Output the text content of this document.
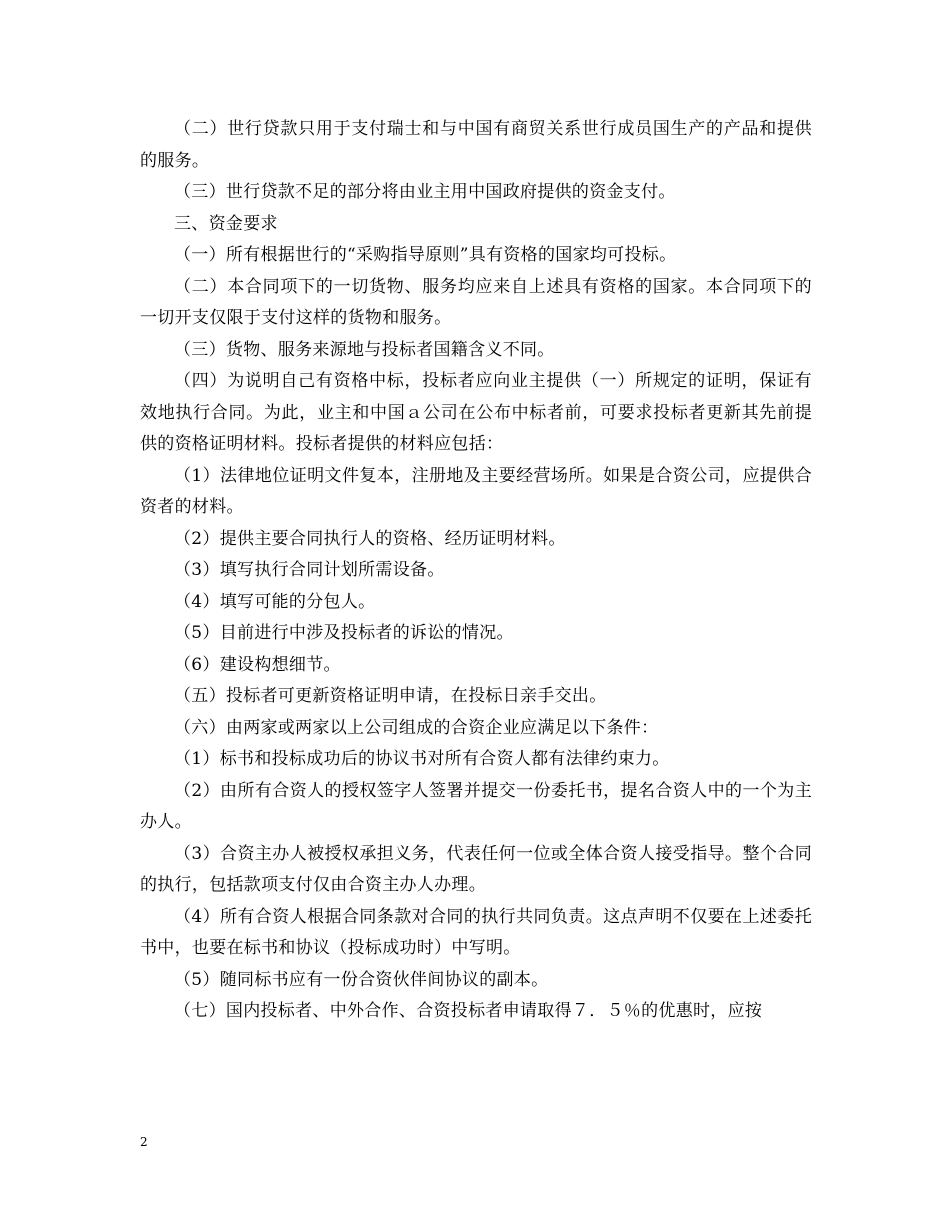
（二）世行贷款只用于支付瑞士和与中国有商贸关系世行成员国生产的产品和提供的服务。

（三）世行贷款不足的部分将由业主用中国政府提供的资金支付。

三、资金要求

（一）所有根据世行的“采购指导原则”具有资格的国家均可投标。

（二）本合同项下的一切货物、服务均应来自上述具有资格的国家。本合同项下的一切开支仅限于支付这样的货物和服务。

（三）货物、服务来源地与投标者国籍含义不同。

（四）为说明自己有资格中标，投标者应向业主提供（一）所规定的证明，保证有效地执行合同。为此，业主和中国ａ公司在公布中标者前，可要求投标者更新其先前提供的资格证明材料。投标者提供的材料应包括：

（1）法律地位证明文件复本，注册地及主要经营场所。如果是合资公司，应提供合资者的材料。

（2）提供主要合同执行人的资格、经历证明材料。

（3）填写执行合同计划所需设备。

（4）填写可能的分包人。

（5）目前进行中涉及投标者的诉讼的情况。

（6）建设构想细节。

（五）投标者可更新资格证明申请，在投标日亲手交出。

（六）由两家或两家以上公司组成的合资企业应满足以下条件：

（1）标书和投标成功后的协议书对所有合资人都有法律约束力。

（2）由所有合资人的授权签字人签署并提交一份委托书，提名合资人中的一个为主办人。

（3）合资主办人被授权承担义务，代表任何一位或全体合资人接受指导。整个合同的执行，包括款项支付仅由合资主办人办理。

（4）所有合资人根据合同条款对合同的执行共同负责。这点声明不仅要在上述委托书中，也要在标书和协议（投标成功时）中写明。

（5）随同标书应有一份合资伙伴间协议的副本。

（七）国内投标者、中外合作、合资投标者申请取得７．５％的优惠时，应按

2
